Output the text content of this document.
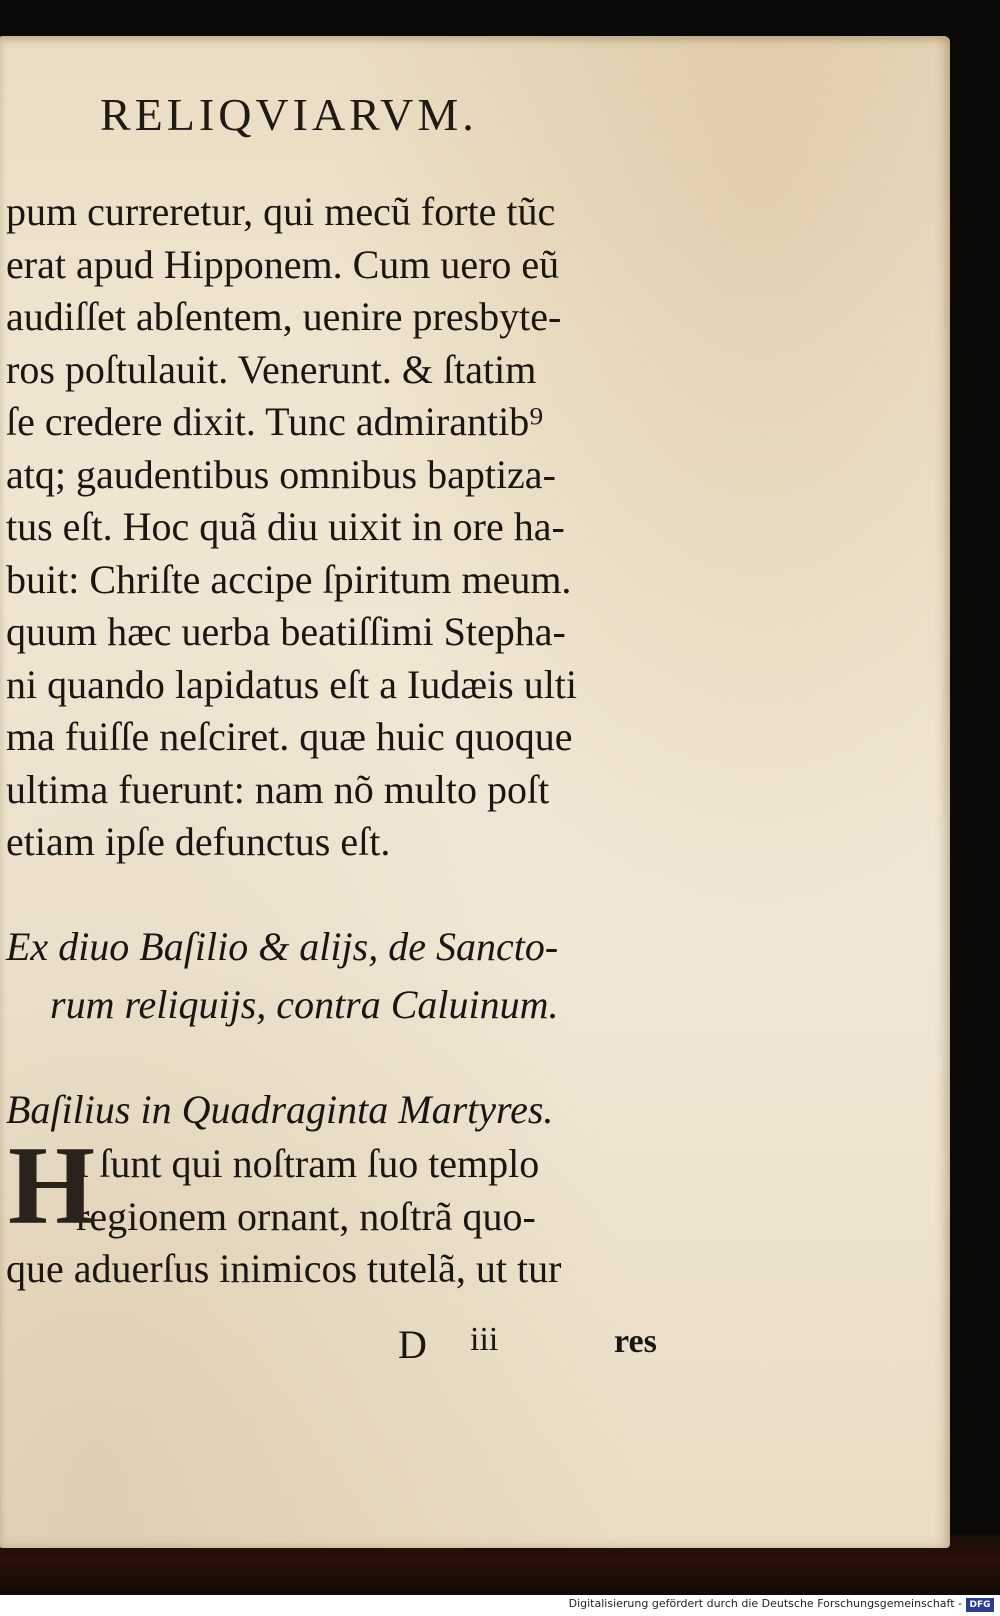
RELIQVIARVM.

pum curreretur, qui mecũ forte tũc

erat apud Hipponem. Cum uero eũ

audiſſet abſentem, uenire presbyte-

ros poſtulauit. Venerunt. & ſtatim

ſe credere dixit. Tunc admirantib⁹

atq; gaudentibus omnibus baptiza-

tus eſt. Hoc quã diu uixit in ore ha-

buit: Chriſte accipe ſpiritum meum.

quum hæc uerba beatiſſimi Stepha-

ni quando lapidatus eſt a Iudæis ulti

ma fuiſſe neſciret. quæ huic quoque

ultima fuerunt: nam nõ multo poſt

etiam ipſe defunctus eſt.

Ex diuo Baſilio & alijs, de Sancto-
rum reliquijs, contra Caluinum.
Baſilius in Quadraginta Martyres.
H

I ſunt qui noſtram ſuo templo

regionem ornant, noſtrã quo-

que aduerſus inimicos tutelã, ut tur

D iii	res
Digitalisierung gefördert durch die Deutsche Forschungsgemeinschaft - DFG
